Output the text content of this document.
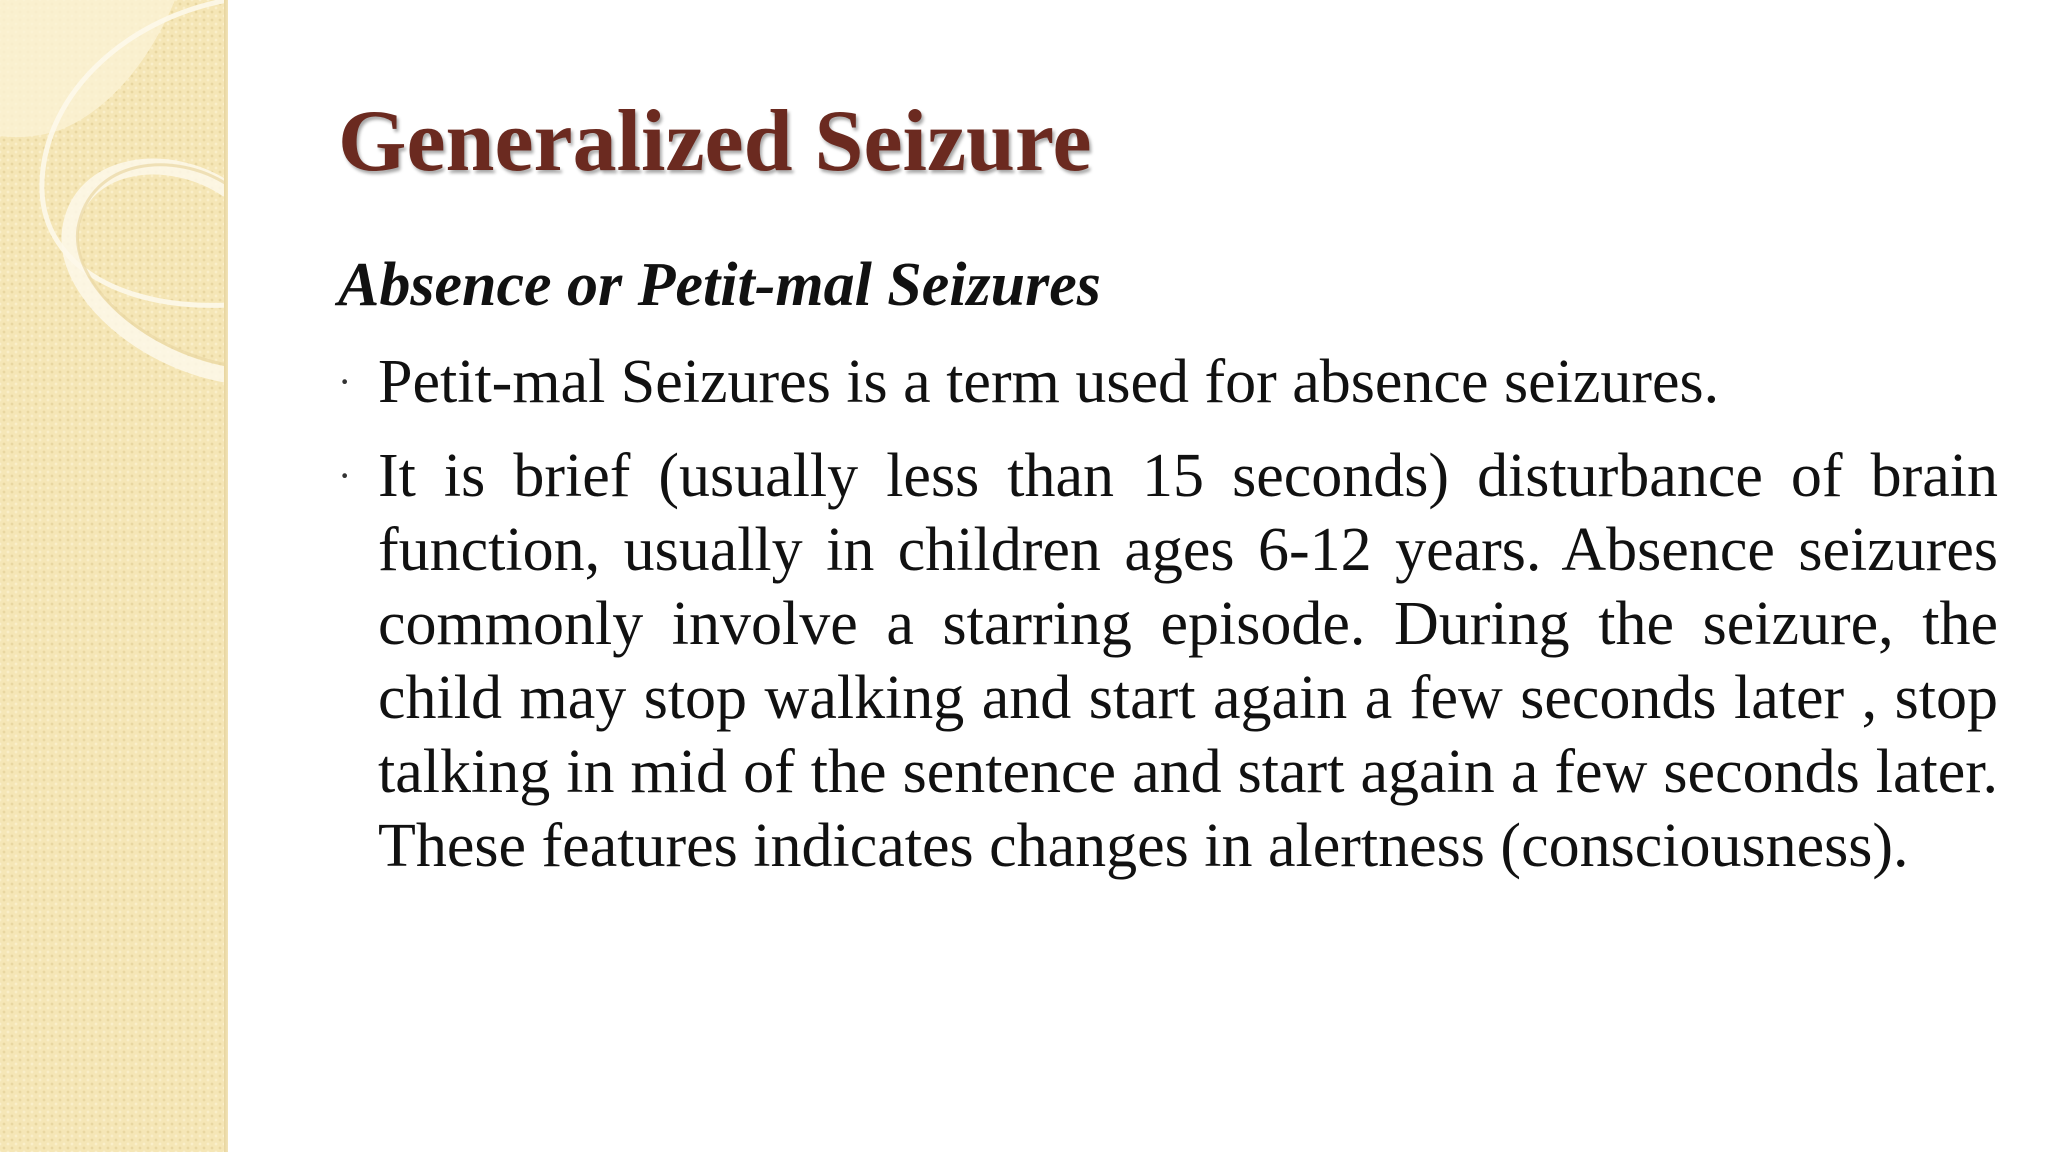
Generalized Seizure
Absence or Petit-mal Seizures
· Petit-mal Seizures is a term used for absence seizures.
· It is brief (usually less than 15 seconds) disturbance of brain function, usually in children ages 6-12 years. Absence seizures commonly involve a starring episode. During the seizure, the child may stop walking and start again a few seconds later , stop talking in mid of the sentence and start again a few seconds later. These features indicates changes in alertness (consciousness).
